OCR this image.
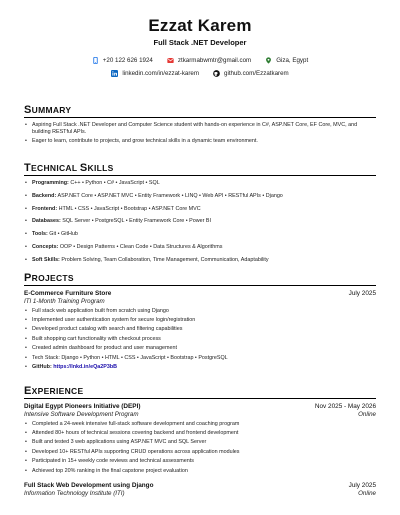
Ezzat Karem
Full Stack .NET Developer
+20 122 626 1924	ztkarmabwmtr@gmail.com	Giza, Egypt
linkedin.com/in/ezzat-karem	github.com/Ezzatkarem
SUMMARY
• Aspiring Full Stack .NET Developer and Computer Science student with hands-on experience in C#, ASP.NET Core, EF Core, MVC, and building RESTful APIs.
• Eager to learn, contribute to projects, and grow technical skills in a dynamic team environment.
TECHNICAL SKILLS
• Programming: C++ • Python • C# • JavaScript • SQL
• Backend: ASP.NET Core • ASP.NET MVC • Entity Framework • LINQ • Web API • RESTful APIs • Django
• Frontend: HTML • CSS • JavaScript • Bootstrap • ASP.NET Core MVC
• Databases: SQL Server • PostgreSQL • Entity Framework Core • Power BI
• Tools: Git • GitHub
• Concepts: OOP • Design Patterns • Clean Code • Data Structures & Algorithms
• Soft Skills: Problem Solving, Team Collaboration, Time Management, Communication, Adaptability
PROJECTS
E-Commerce Furniture Store	July 2025
ITI 1-Month Training Program
• Full stack web application built from scratch using Django
• Implemented user authentication system for secure login/registration
• Developed product catalog with search and filtering capabilities
• Built shopping cart functionality with checkout process
• Created admin dashboard for product and user management
• Tech Stack: Django • Python • HTML • CSS • JavaScript • Bootstrap • PostgreSQL
• GitHub: https://lnkd.in/eQa2P3bB
EXPERIENCE
Digital Egypt Pioneers Initiative (DEPI)	Nov 2025 - May 2026
Intensive Software Development Program	Online
• Completed a 24-week intensive full-stack software development and coaching program
• Attended 80+ hours of technical sessions covering backend and frontend development
• Built and tested 3 web applications using ASP.NET MVC and SQL Server
• Developed 10+ RESTful APIs supporting CRUD operations across application modules
• Participated in 15+ weekly code reviews and technical assessments
• Achieved top 20% ranking in the final capstone project evaluation
Full Stack Web Development using Django	July 2025
Information Technology Institute (ITI)	Online
